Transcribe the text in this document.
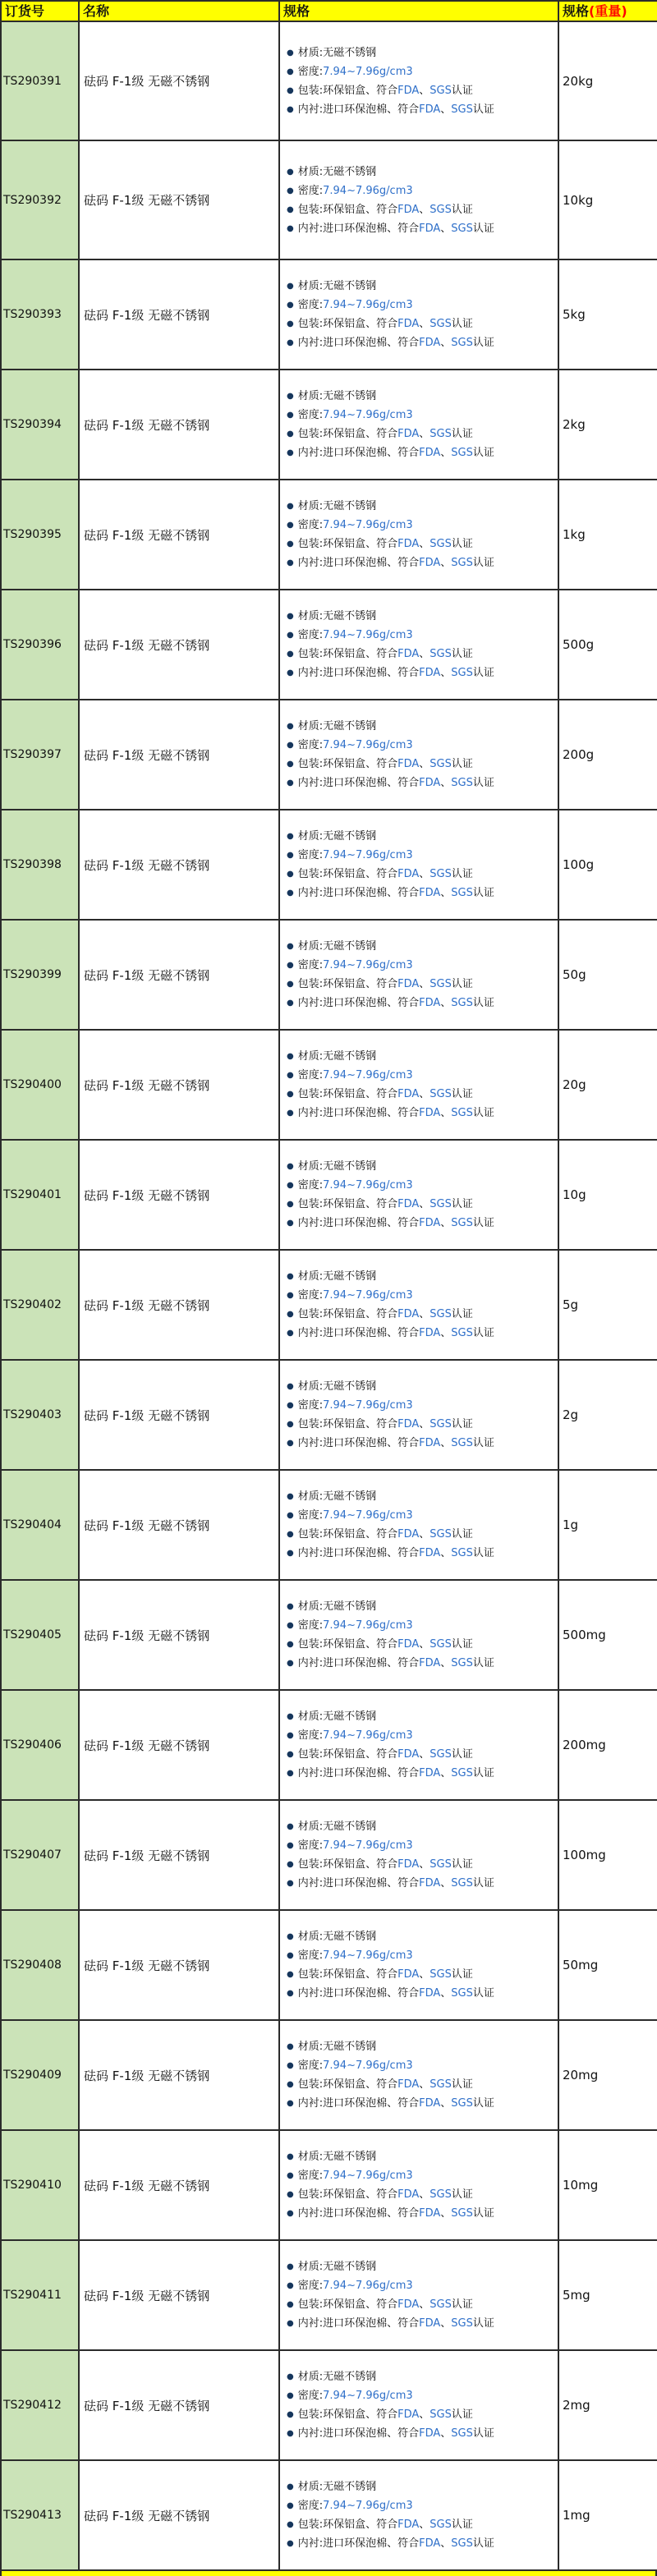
订货号	名称	规格	规格(重量)
TS290391	砝码 F-1级 无磁不锈钢	● 材质:无磁不锈钢
● 密度:7.94~7.96g/cm3
● 包装:环保铝盒、符合FDA、SGS认证
● 内衬:进口环保泡棉、符合FDA、SGS认证	20kg
TS290392	砝码 F-1级 无磁不锈钢	● 材质:无磁不锈钢
● 密度:7.94~7.96g/cm3
● 包装:环保铝盒、符合FDA、SGS认证
● 内衬:进口环保泡棉、符合FDA、SGS认证	10kg
TS290393	砝码 F-1级 无磁不锈钢	● 材质:无磁不锈钢
● 密度:7.94~7.96g/cm3
● 包装:环保铝盒、符合FDA、SGS认证
● 内衬:进口环保泡棉、符合FDA、SGS认证	5kg
TS290394	砝码 F-1级 无磁不锈钢	● 材质:无磁不锈钢
● 密度:7.94~7.96g/cm3
● 包装:环保铝盒、符合FDA、SGS认证
● 内衬:进口环保泡棉、符合FDA、SGS认证	2kg
TS290395	砝码 F-1级 无磁不锈钢	● 材质:无磁不锈钢
● 密度:7.94~7.96g/cm3
● 包装:环保铝盒、符合FDA、SGS认证
● 内衬:进口环保泡棉、符合FDA、SGS认证	1kg
TS290396	砝码 F-1级 无磁不锈钢	● 材质:无磁不锈钢
● 密度:7.94~7.96g/cm3
● 包装:环保铝盒、符合FDA、SGS认证
● 内衬:进口环保泡棉、符合FDA、SGS认证	500g
TS290397	砝码 F-1级 无磁不锈钢	● 材质:无磁不锈钢
● 密度:7.94~7.96g/cm3
● 包装:环保铝盒、符合FDA、SGS认证
● 内衬:进口环保泡棉、符合FDA、SGS认证	200g
TS290398	砝码 F-1级 无磁不锈钢	● 材质:无磁不锈钢
● 密度:7.94~7.96g/cm3
● 包装:环保铝盒、符合FDA、SGS认证
● 内衬:进口环保泡棉、符合FDA、SGS认证	100g
TS290399	砝码 F-1级 无磁不锈钢	● 材质:无磁不锈钢
● 密度:7.94~7.96g/cm3
● 包装:环保铝盒、符合FDA、SGS认证
● 内衬:进口环保泡棉、符合FDA、SGS认证	50g
TS290400	砝码 F-1级 无磁不锈钢	● 材质:无磁不锈钢
● 密度:7.94~7.96g/cm3
● 包装:环保铝盒、符合FDA、SGS认证
● 内衬:进口环保泡棉、符合FDA、SGS认证	20g
TS290401	砝码 F-1级 无磁不锈钢	● 材质:无磁不锈钢
● 密度:7.94~7.96g/cm3
● 包装:环保铝盒、符合FDA、SGS认证
● 内衬:进口环保泡棉、符合FDA、SGS认证	10g
TS290402	砝码 F-1级 无磁不锈钢	● 材质:无磁不锈钢
● 密度:7.94~7.96g/cm3
● 包装:环保铝盒、符合FDA、SGS认证
● 内衬:进口环保泡棉、符合FDA、SGS认证	5g
TS290403	砝码 F-1级 无磁不锈钢	● 材质:无磁不锈钢
● 密度:7.94~7.96g/cm3
● 包装:环保铝盒、符合FDA、SGS认证
● 内衬:进口环保泡棉、符合FDA、SGS认证	2g
TS290404	砝码 F-1级 无磁不锈钢	● 材质:无磁不锈钢
● 密度:7.94~7.96g/cm3
● 包装:环保铝盒、符合FDA、SGS认证
● 内衬:进口环保泡棉、符合FDA、SGS认证	1g
TS290405	砝码 F-1级 无磁不锈钢	● 材质:无磁不锈钢
● 密度:7.94~7.96g/cm3
● 包装:环保铝盒、符合FDA、SGS认证
● 内衬:进口环保泡棉、符合FDA、SGS认证	500mg
TS290406	砝码 F-1级 无磁不锈钢	● 材质:无磁不锈钢
● 密度:7.94~7.96g/cm3
● 包装:环保铝盒、符合FDA、SGS认证
● 内衬:进口环保泡棉、符合FDA、SGS认证	200mg
TS290407	砝码 F-1级 无磁不锈钢	● 材质:无磁不锈钢
● 密度:7.94~7.96g/cm3
● 包装:环保铝盒、符合FDA、SGS认证
● 内衬:进口环保泡棉、符合FDA、SGS认证	100mg
TS290408	砝码 F-1级 无磁不锈钢	● 材质:无磁不锈钢
● 密度:7.94~7.96g/cm3
● 包装:环保铝盒、符合FDA、SGS认证
● 内衬:进口环保泡棉、符合FDA、SGS认证	50mg
TS290409	砝码 F-1级 无磁不锈钢	● 材质:无磁不锈钢
● 密度:7.94~7.96g/cm3
● 包装:环保铝盒、符合FDA、SGS认证
● 内衬:进口环保泡棉、符合FDA、SGS认证	20mg
TS290410	砝码 F-1级 无磁不锈钢	● 材质:无磁不锈钢
● 密度:7.94~7.96g/cm3
● 包装:环保铝盒、符合FDA、SGS认证
● 内衬:进口环保泡棉、符合FDA、SGS认证	10mg
TS290411	砝码 F-1级 无磁不锈钢	● 材质:无磁不锈钢
● 密度:7.94~7.96g/cm3
● 包装:环保铝盒、符合FDA、SGS认证
● 内衬:进口环保泡棉、符合FDA、SGS认证	5mg
TS290412	砝码 F-1级 无磁不锈钢	● 材质:无磁不锈钢
● 密度:7.94~7.96g/cm3
● 包装:环保铝盒、符合FDA、SGS认证
● 内衬:进口环保泡棉、符合FDA、SGS认证	2mg
TS290413	砝码 F-1级 无磁不锈钢	● 材质:无磁不锈钢
● 密度:7.94~7.96g/cm3
● 包装:环保铝盒、符合FDA、SGS认证
● 内衬:进口环保泡棉、符合FDA、SGS认证	1mg
